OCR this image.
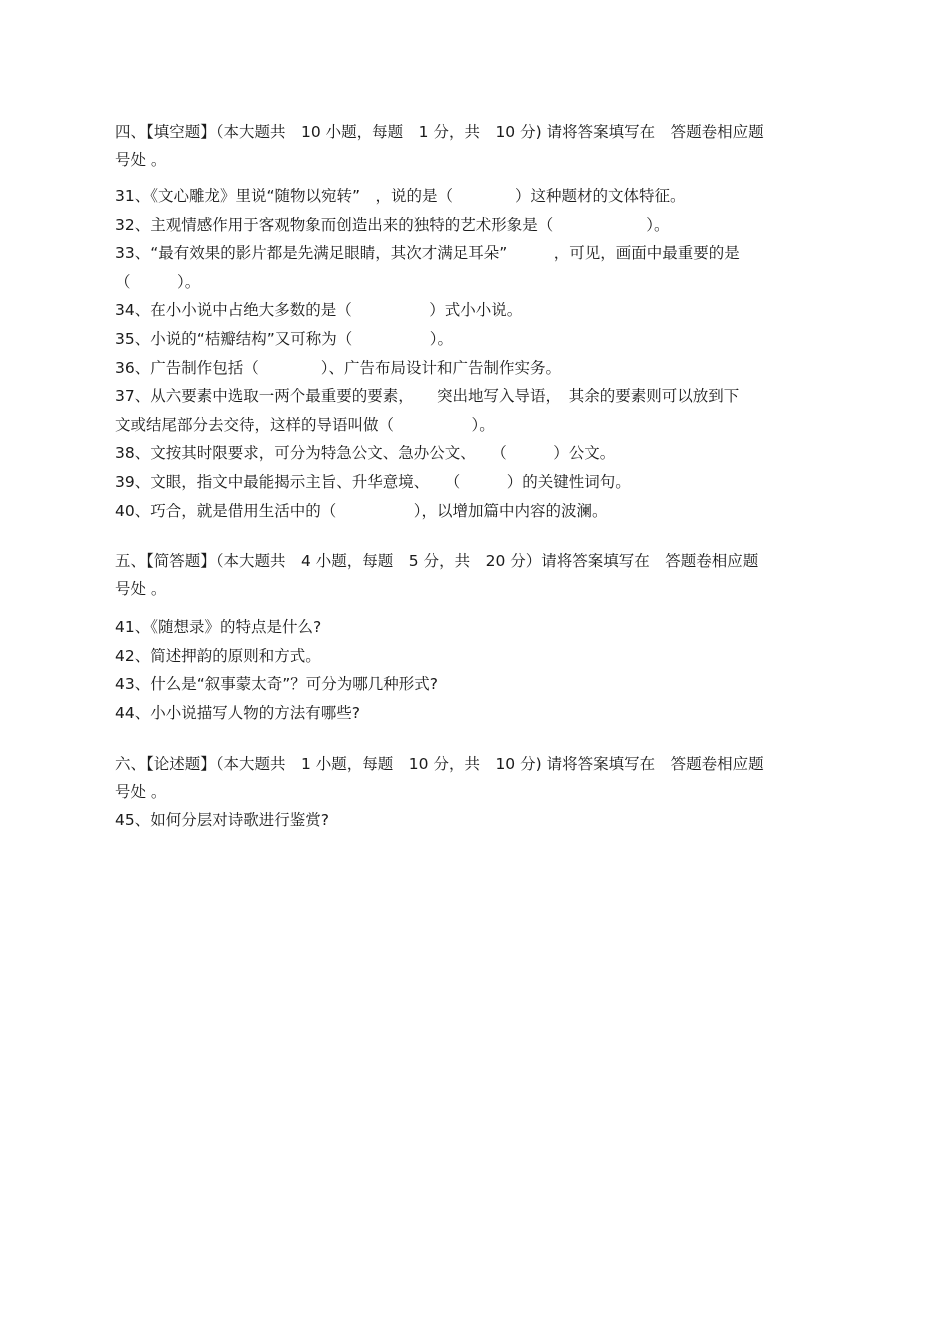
四、【填空题】（本大题共　10 小题，每题　1 分，共　10 分) 请将答案填写在　答题卷相应题
号处 。

31、《文心雕龙》里说“随物以宛转”　，说的是（　　　　）这种题材的文体特征。

32、主观情感作用于客观物象而创造出来的独特的艺术形象是（　　　　　　）。

33、“最有效果的影片都是先满足眼睛，其次才满足耳朵”　　　，可见，画面中最重要的是

（　　　）。

34、在小小说中占绝大多数的是（　　　　　）式小小说。

35、小说的“桔瓣结构”又可称为（　　　　　）。

36、广告制作包括（　　　　）、广告布局设计和广告制作实务。

37、从六要素中选取一两个最重要的要素，　　突出地写入导语，　其余的要素则可以放到下

文或结尾部分去交待，这样的导语叫做（　　　　　）。

38、文按其时限要求，可分为特急公文、急办公文、　　（　　　）公文。

39、文眼，指文中最能揭示主旨、升华意境、　　（　　　）的关键性词句。

40、巧合，就是借用生活中的（　　　　　），以增加篇中内容的波澜。

五、【简答题】（本大题共　4 小题，每题　5 分，共　20 分）请将答案填写在　答题卷相应题
号处 。

41、《随想录》的特点是什么?

42、简述押韵的原则和方式。

43、什么是“叙事蒙太奇”？可分为哪几种形式?

44、小小说描写人物的方法有哪些?

六、【论述题】（本大题共　1 小题，每题　10 分，共　10 分) 请将答案填写在　答题卷相应题
号处 。

45、如何分层对诗歌进行鉴赏?
